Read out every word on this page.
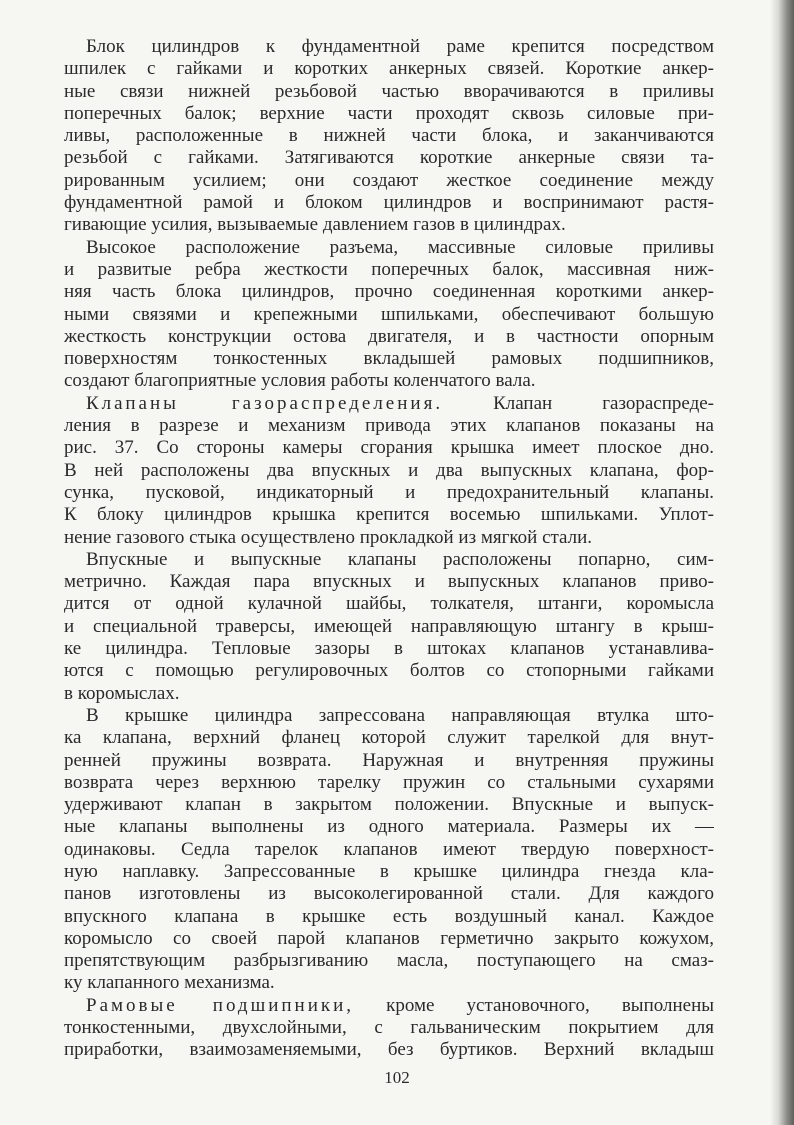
Блок цилиндров к фундаментной раме крепится посредством
шпилек с гайками и коротких анкерных связей. Короткие анкер-
ные связи нижней резьбовой частью вворачиваются в приливы
поперечных балок; верхние части проходят сквозь силовые при-
ливы, расположенные в нижней части блока, и заканчиваются
резьбой с гайками. Затягиваются короткие анкерные связи та-
рированным усилием; они создают жесткое соединение между
фундаментной рамой и блоком цилиндров и воспринимают растя-
гивающие усилия, вызываемые давлением газов в цилиндрах.
Высокое расположение разъема, массивные силовые приливы
и развитые ребра жесткости поперечных балок, массивная ниж-
няя часть блока цилиндров, прочно соединенная короткими анкер-
ными связями и крепежными шпильками, обеспечивают большую
жесткость конструкции остова двигателя, и в частности опорным
поверхностям тонкостенных вкладышей рамовых подшипников,
создают благоприятные условия работы коленчатого вала.
Клапаны газораспределения. Клапан газораспреде-
ления в разрезе и механизм привода этих клапанов показаны на
рис. 37. Со стороны камеры сгорания крышка имеет плоское дно.
В ней расположены два впускных и два выпускных клапана, фор-
сунка, пусковой, индикаторный и предохранительный клапаны.
К блоку цилиндров крышка крепится восемью шпильками. Уплот-
нение газового стыка осуществлено прокладкой из мягкой стали.
Впускные и выпускные клапаны расположены попарно, сим-
метрично. Каждая пара впускных и выпускных клапанов приво-
дится от одной кулачной шайбы, толкателя, штанги, коромысла
и специальной траверсы, имеющей направляющую штангу в крыш-
ке цилиндра. Тепловые зазоры в штоках клапанов устанавлива-
ются с помощью регулировочных болтов со стопорными гайками
в коромыслах.
В крышке цилиндра запрессована направляющая втулка што-
ка клапана, верхний фланец которой служит тарелкой для внут-
ренней пружины возврата. Наружная и внутренняя пружины
возврата через верхнюю тарелку пружин со стальными сухарями
удерживают клапан в закрытом положении. Впускные и выпуск-
ные клапаны выполнены из одного материала. Размеры их —
одинаковы. Седла тарелок клапанов имеют твердую поверхност-
ную наплавку. Запрессованные в крышке цилиндра гнезда кла-
панов изготовлены из высоколегированной стали. Для каждого
впускного клапана в крышке есть воздушный канал. Каждое
коромысло со своей парой клапанов герметично закрыто кожухом,
препятствующим разбрызгиванию масла, поступающего на смаз-
ку клапанного механизма.
Рамовые подшипники, кроме установочного, выполнены
тонкостенными, двухслойными, с гальваническим покрытием для
приработки, взаимозаменяемыми, без буртиков. Верхний вкладыш
102
